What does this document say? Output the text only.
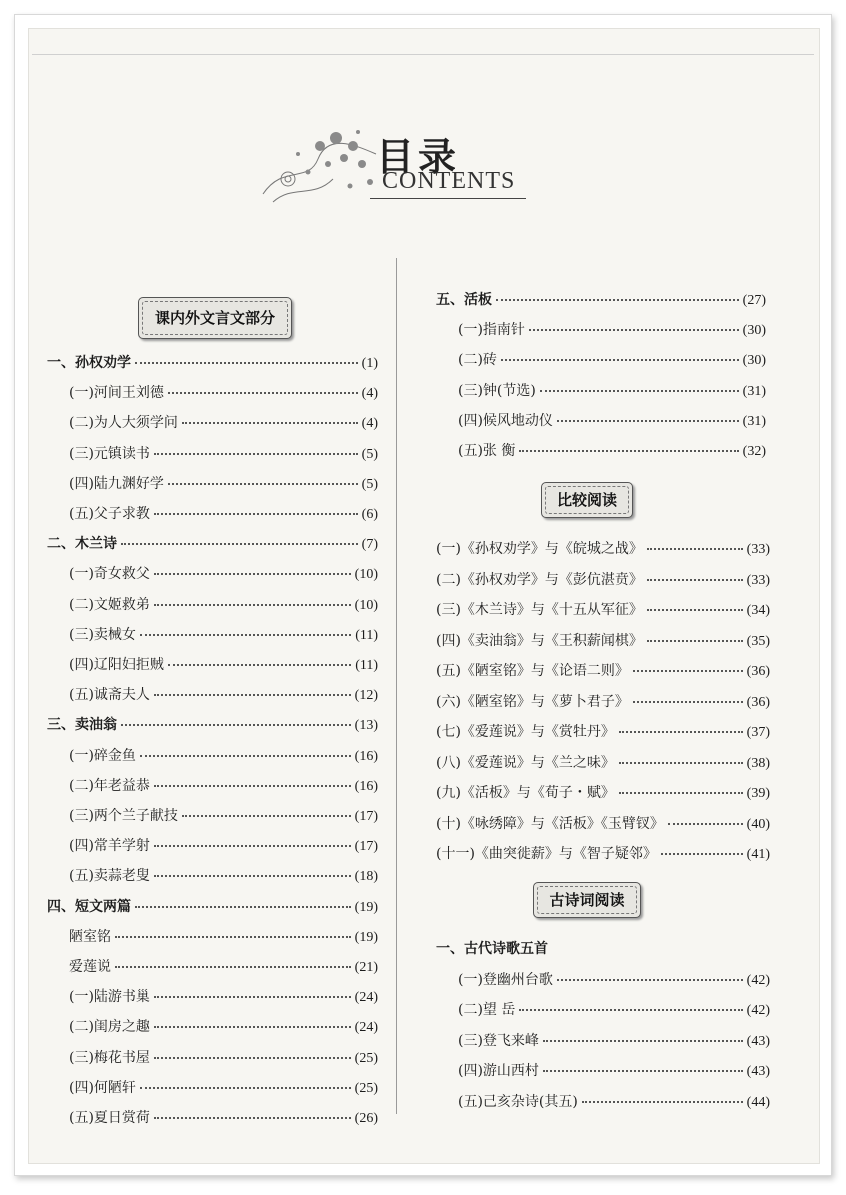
目录
CONTENTS
课内外文言文部分
比较阅读
古诗词阅读
一、孙权劝学	(1)
(一)河间王刘德	(4)
(二)为人大须学问	(4)
(三)元镇读书	(5)
(四)陆九渊好学	(5)
(五)父子求教	(6)
二、木兰诗	(7)
(一)奇女救父	(10)
(二)文姬救弟	(10)
(三)卖械女	(11)
(四)辽阳妇拒贼	(11)
(五)诚斋夫人	(12)
三、卖油翁	(13)
(一)碎金鱼	(16)
(二)年老益恭	(16)
(三)两个兰子献技	(17)
(四)常羊学射	(17)
(五)卖蒜老叟	(18)
四、短文两篇	(19)
陋室铭	(19)
爱莲说	(21)
(一)陆游书巢	(24)
(二)闺房之趣	(24)
(三)梅花书屋	(25)
(四)何陋轩	(25)
(五)夏日赏荷	(26)
五、活板	(27)
(一)指南针	(30)
(二)砖	(30)
(三)钟(节选)	(31)
(四)候风地动仪	(31)
(五)张 衡	(32)
(一)《孙权劝学》与《皖城之战》	(33)
(二)《孙权劝学》与《彭伉湛贲》	(33)
(三)《木兰诗》与《十五从军征》	(34)
(四)《卖油翁》与《王积薪闻棋》	(35)
(五)《陋室铭》与《论语二则》	(36)
(六)《陋室铭》与《萝卜君子》	(36)
(七)《爱莲说》与《赏牡丹》	(37)
(八)《爱莲说》与《兰之味》	(38)
(九)《活板》与《荀子・赋》	(39)
(十)《咏绣障》与《活板》《玉臂钗》	(40)
(十一)《曲突徙薪》与《智子疑邻》	(41)
一、古代诗歌五首
(一)登幽州台歌	(42)
(二)望 岳	(42)
(三)登飞来峰	(43)
(四)游山西村	(43)
(五)己亥杂诗(其五)	(44)
